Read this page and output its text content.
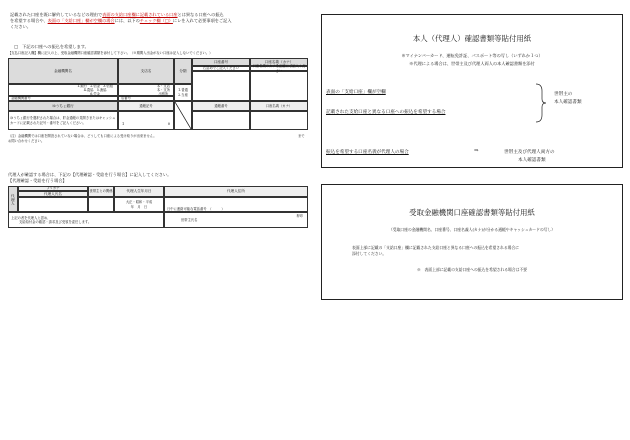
記載された口座を既に解約しているなどの理由で表面の支給口座欄に記載されている口座とは異なる口座への振込
を希望する場合や、表面の「支給口座」欄が空欄の場合には、以下のチェック欄（□）にレを入れて必要事項をご記入
ください。
□　下記の口座への振込を希望します。
【支払口座記入欄】欄に記入の上、受取金融機関口座確認書類を添付して下さい。（※期間入出金がない口座は記入しないでください。）
金融機関名	支店名	分類
口座番号	口座名義（カナ）
右詰めでご記入ください
口座名義のカナを正確にご記入ください
1.銀行　2.信金　3.信組
4.農協　5.漁協
6.労金
本・支店
本・支所
出張所
1.普通
2.当座
金融機関番号	店番号
ゆうちょ銀行	通帳記号	通帳番号	口座名義（カナ）
ゆうちょ銀行を選択された場合は、貯金通帳の見開きまたはキャッシュカードに記載された記号・番号をご記入ください。	1	0
（注）金融機関では口座を開設されていない場合は、どうしても口座による受け取りが出来ません。	まで
お問い合わせください。
代理人が確認する場合は、下記の【代理確認・受給を行う場合】に記入してください。
【代理確認・受給を行う場合】
代理人
フリガナ
代理人氏名
世帯主との関係	代理人生年月日
大正・昭和・平成
年　月　日
代理人住所
日中に連絡可能な電話番号　（　　　）
上記の者を代理人と認め、
支給給付金の確認・請求及び受領を委任します。
世帯主氏名
押印
本人（代理人）確認書類等貼付用紙
※マイナンバーカード、運転免許証、パスポート等の写し（いずれか１つ）
※代理による場合は、世帯主及び代理人両人の本人確認書類を添付
表面の「支給口座」欄が空欄
記載された支給口座と異なる口座への振込を希望する場合
世帯主の
本人確認書類
振込を希望する口座名義が代理人の場合	⇒	世帯主及び代理人両方の
本人確認書類
受取金融機関口座確認書類等貼付用紙
（受取口座の金融機関名、口座番号、口座名義人(カナ)が分かる通帳やキャッシュカードの写し）
表面上部に記載の「支給口座」欄に記載された支給口座と異なる口座への振込を希望される場合に
添付してください。
※　表面上部に記載の支給口座への振込を希望される場合は不要
